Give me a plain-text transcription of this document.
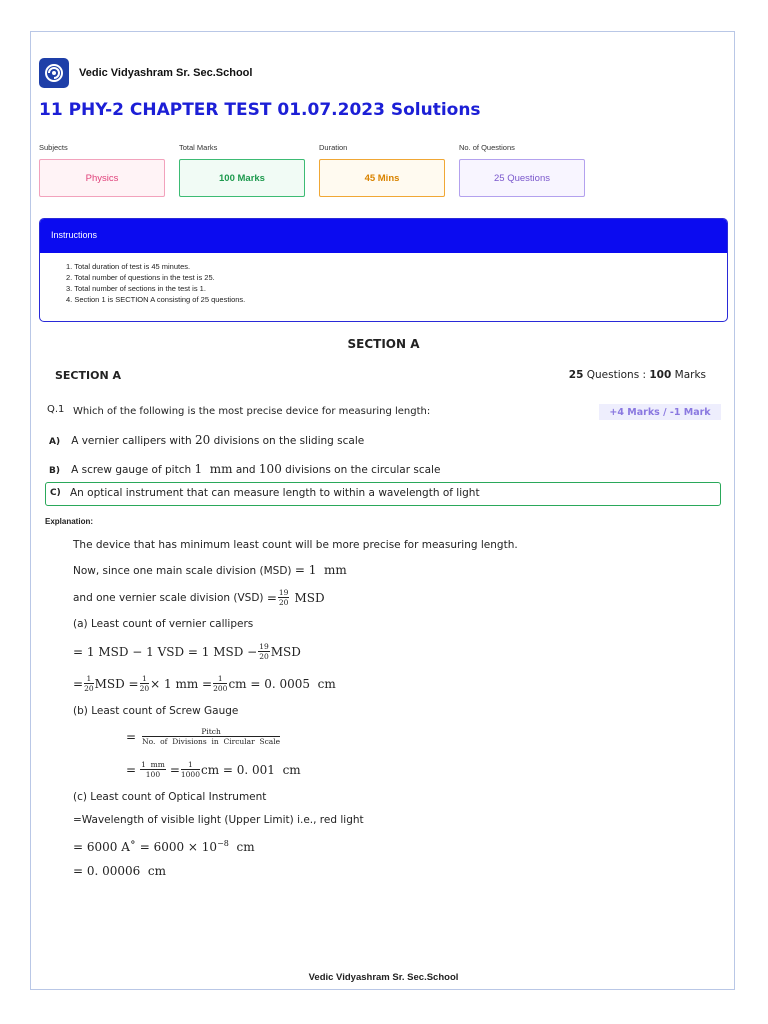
Vedic Vidyashram Sr. Sec.School
11 PHY-2 CHAPTER TEST 01.07.2023 Solutions
Subjects	Total Marks	Duration	No. of Questions
Physics	100 Marks	45 Mins	25 Questions
Instructions
1. Total duration of test is 45 minutes.
2. Total number of questions in the test is 25.
3. Total number of sections in the test is 1.
4. Section 1 is SECTION A consisting of 25 questions.
SECTION A
SECTION A	25 Questions : 100 Marks
Q.1 Which of the following is the most precise device for measuring length:	+4 Marks / -1 Mark
A) A vernier callipers with 20 divisions on the sliding scale
B) A screw gauge of pitch 1  mm and 100 divisions on the circular scale
C) An optical instrument that can measure length to within a wavelength of light
Explanation:
The device that has minimum least count will be more precise for measuring length.
Now, since one main scale division (MSD) = 1  mm
and one vernier scale division $(VSD) = \frac{19}{20}$ MSD
(a) Least count of vernier callipers
= 1 MSD − 1 VSD = 1 MSD − $\frac{19}{20}$ MSD
= $\frac{1}{20}$ MSD = $\frac{1}{20} \times 1$ mm = $\frac{1}{200}$ cm = 0. 0005  cm
(b) Least count of Screw Gauge
= $\frac{\text{Pitch}}{\text{No.  of  Divisions  in  Circular  Scale}}$
= $\frac{1 mm}{100} = \frac{1}{1000}$ cm = 0. 001  cm
(c) Least count of Optical Instrument
=Wavelength of visible light (Upper Limit) i.e., red light
= 6000 A˚ = $6000 \times 10^{-8}$  cm
= 0. 00006  cm
Vedic Vidyashram Sr. Sec.School
